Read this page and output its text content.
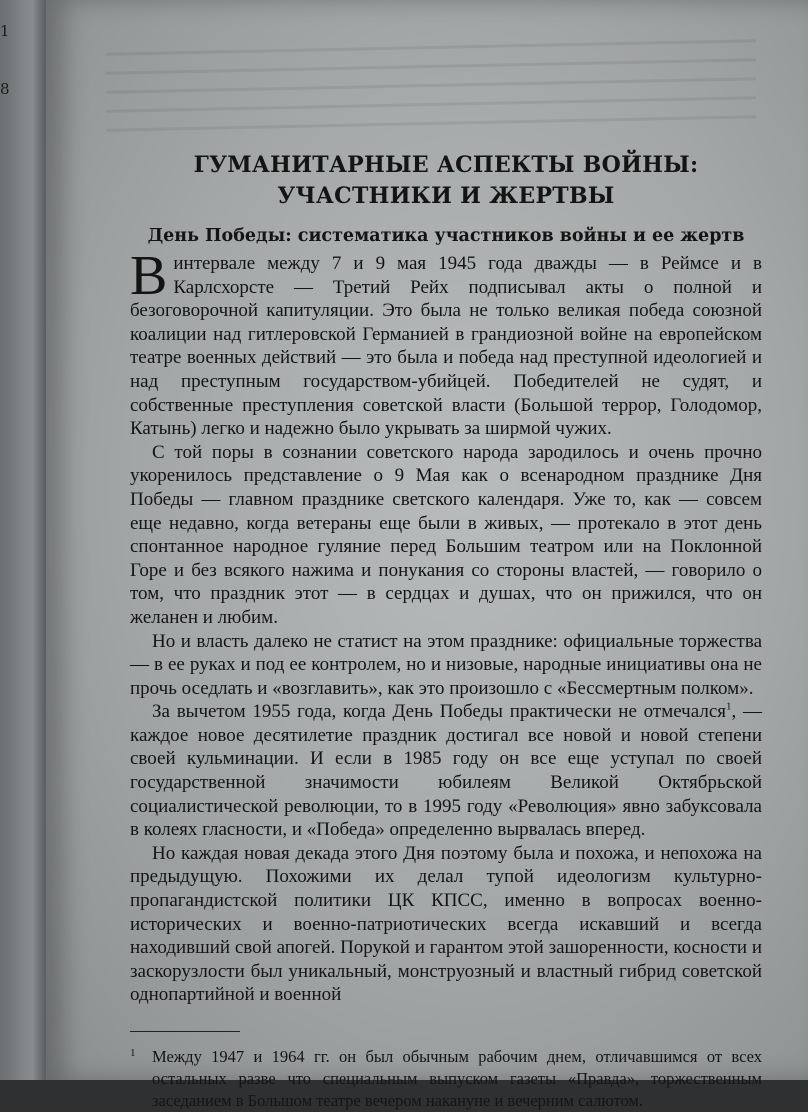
1
8
ГУМАНИТАРНЫЕ АСПЕКТЫ ВОЙНЫ:
УЧАСТНИКИ И ЖЕРТВЫ
День Победы: систематика участников войны и ее жертв

В интервале между 7 и 9 мая 1945 года дважды — в Реймсе и в Карлсхорсте — Третий Рейх подписывал акты о полной и безоговорочной капитуляции. Это была не только великая победа союзной коалиции над гитлеровской Германией в грандиозной войне на европейском театре военных действий — это была и победа над преступной идеологией и над преступным государством-убийцей. Победителей не судят, и собственные преступления советской власти (Большой террор, Голодомор, Катынь) легко и надежно было укрывать за ширмой чужих.

С той поры в сознании советского народа зародилось и очень прочно укоренилось представление о 9 Мая как о всенародном празднике Дня Победы — главном празднике светского календаря. Уже то, как — совсем еще недавно, когда ветераны еще были в живых, — протекало в этот день спонтанное народное гуляние перед Большим театром или на Поклонной Горе и без всякого нажима и понукания со стороны властей, — говорило о том, что праздник этот — в сердцах и душах, что он прижился, что он желанен и любим.

Но и власть далеко не статист на этом празднике: официальные торжества — в ее руках и под ее контролем, но и низовые, народные инициативы она не прочь оседлать и «возглавить», как это произошло с «Бессмертным полком».

За вычетом 1955 года, когда День Победы практически не отмечался$^1$, — каждое новое десятилетие праздник достигал все новой и новой степени своей кульминации. И если в 1985 году он все еще уступал по своей государственной значимости юбилеям Великой Октябрьской социалистической революции, то в 1995 году «Революция» явно забуксовала в колеях гласности, и «Победа» определенно вырвалась вперед.

Но каждая новая декада этого Дня поэтому была и похожа, и непохожа на предыдущую. Похожими их делал тупой идеологизм культурно-пропагандистской политики ЦК КПСС, именно в вопросах военно-исторических и военно-патриотических всегда искавший и всегда находивший свой апогей. Порукой и гарантом этой зашоренности, косности и заскорузлости был уникальный, монструозный и властный гибрид советской однопартийной и военной

1 Между 1947 и 1964 гг. он был обычным рабочим днем, отличавшимся от всех остальных разве что специальным выпуском газеты «Правда», торжественным заседанием в Большом театре вечером накануне и вечерним салютом.
